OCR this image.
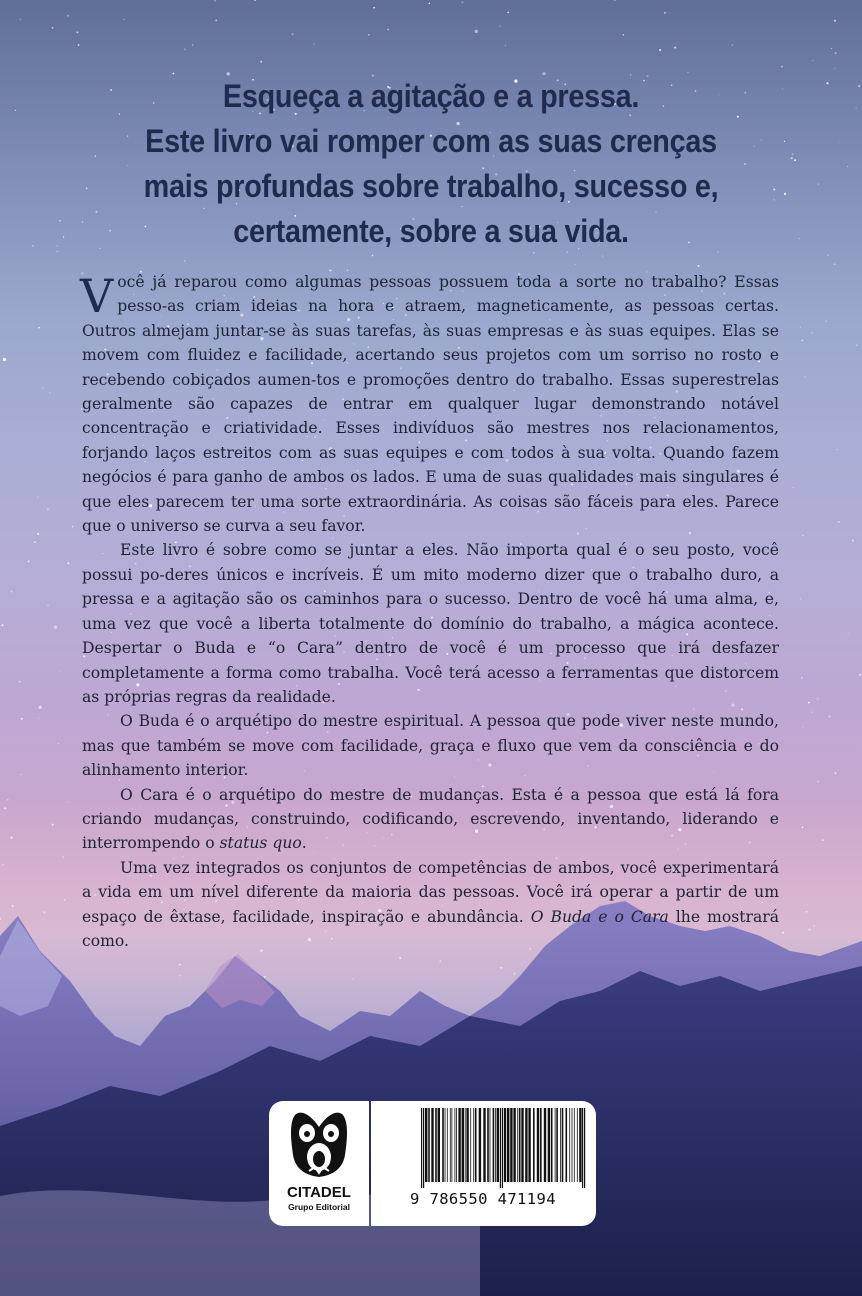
Esqueça a agitação e a pressa.
Este livro vai romper com as suas crenças
mais profundas sobre trabalho, sucesso e,
certamente, sobre a sua vida.

Você já reparou como algumas pessoas possuem toda a sorte no trabalho? Essas pesso-as criam ideias na hora e atraem, magneticamente, as pessoas certas. Outros almejam juntar-se às suas tarefas, às suas empresas e às suas equipes. Elas se movem com fluidez e facilidade, acertando seus projetos com um sorriso no rosto e recebendo cobiçados aumen-tos e promoções dentro do trabalho. Essas superestrelas geralmente são capazes de entrar em qualquer lugar demonstrando notável concentração e criatividade. Esses indivíduos são mestres nos relacionamentos, forjando laços estreitos com as suas equipes e com todos à sua volta. Quando fazem negócios é para ganho de ambos os lados. E uma de suas qualidades mais singulares é que eles parecem ter uma sorte extraordinária. As coisas são fáceis para eles. Parece que o universo se curva a seu favor.

Este livro é sobre como se juntar a eles. Não importa qual é o seu posto, você possui po-deres únicos e incríveis. É um mito moderno dizer que o trabalho duro, a pressa e a agitação são os caminhos para o sucesso. Dentro de você há uma alma, e, uma vez que você a liberta totalmente do domínio do trabalho, a mágica acontece. Despertar o Buda e “o Cara” dentro de você é um processo que irá desfazer completamente a forma como trabalha. Você terá acesso a ferramentas que distorcem as próprias regras da realidade.

O Buda é o arquétipo do mestre espiritual. A pessoa que pode viver neste mundo, mas que também se move com facilidade, graça e fluxo que vem da consciência e do alinhamento interior.

O Cara é o arquétipo do mestre de mudanças. Esta é a pessoa que está lá fora criando mudanças, construindo, codificando, escrevendo, inventando, liderando e interrompendo o status quo.

Uma vez integrados os conjuntos de competências de ambos, você experimentará a vida em um nível diferente da maioria das pessoas. Você irá operar a partir de um espaço de êxtase, facilidade, inspiração e abundância. O Buda e o Cara lhe mostrará como.

CITADEL
Grupo Editorial	9 786550 471194
